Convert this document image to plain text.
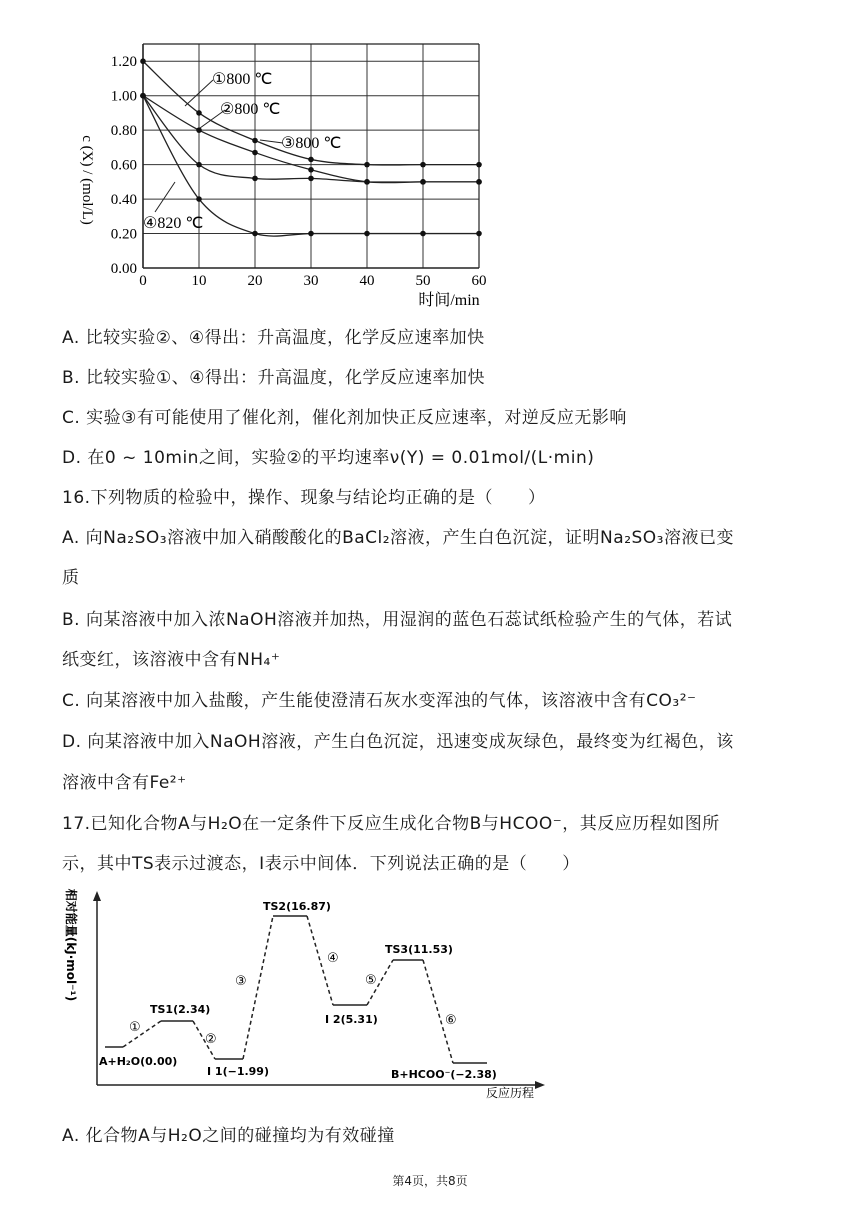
1.20
1.00
0.80
0.60
0.40
0.20
0.00
0	10	20	30	40	50	60
c (X) / (mol/L)
时间/min
①800 ℃
②800 ℃
③800 ℃
④820 ℃
A. 比较实验②、④得出：升高温度，化学反应速率加快
B. 比较实验①、④得出：升高温度，化学反应速率加快
C. 实验③有可能使用了催化剂，催化剂加快正反应速率，对逆反应无影响
D. 在0 ~ 10min之间，实验②的平均速率ν(Y) = 0.01mol/(L·min)
16.下列物质的检验中，操作、现象与结论均正确的是（　　）
A. 向Na₂SO₃溶液中加入硝酸酸化的BaCl₂溶液，产生白色沉淀，证明Na₂SO₃溶液已变
质
B. 向某溶液中加入浓NaOH溶液并加热，用湿润的蓝色石蕊试纸检验产生的气体，若试
纸变红，该溶液中含有NH₄⁺
C. 向某溶液中加入盐酸，产生能使澄清石灰水变浑浊的气体，该溶液中含有CO₃²⁻
D. 向某溶液中加入NaOH溶液，产生白色沉淀，迅速变成灰绿色，最终变为红褐色，该
溶液中含有Fe²⁺
17.已知化合物A与H₂O在一定条件下反应生成化合物B与HCOO⁻，其反应历程如图所
示，其中TS表示过渡态，I表示中间体．下列说法正确的是（　　）
相对能量(kJ·mol⁻¹)
反应历程
A+H₂O(0.00)
TS1(2.34)
I 1(−1.99)
TS2(16.87)
I 2(5.31)
TS3(11.53)
B+HCOO⁻(−2.38)
①
②
③
④
⑤
⑥
A. 化合物A与H₂O之间的碰撞均为有效碰撞
第4页，共8页
